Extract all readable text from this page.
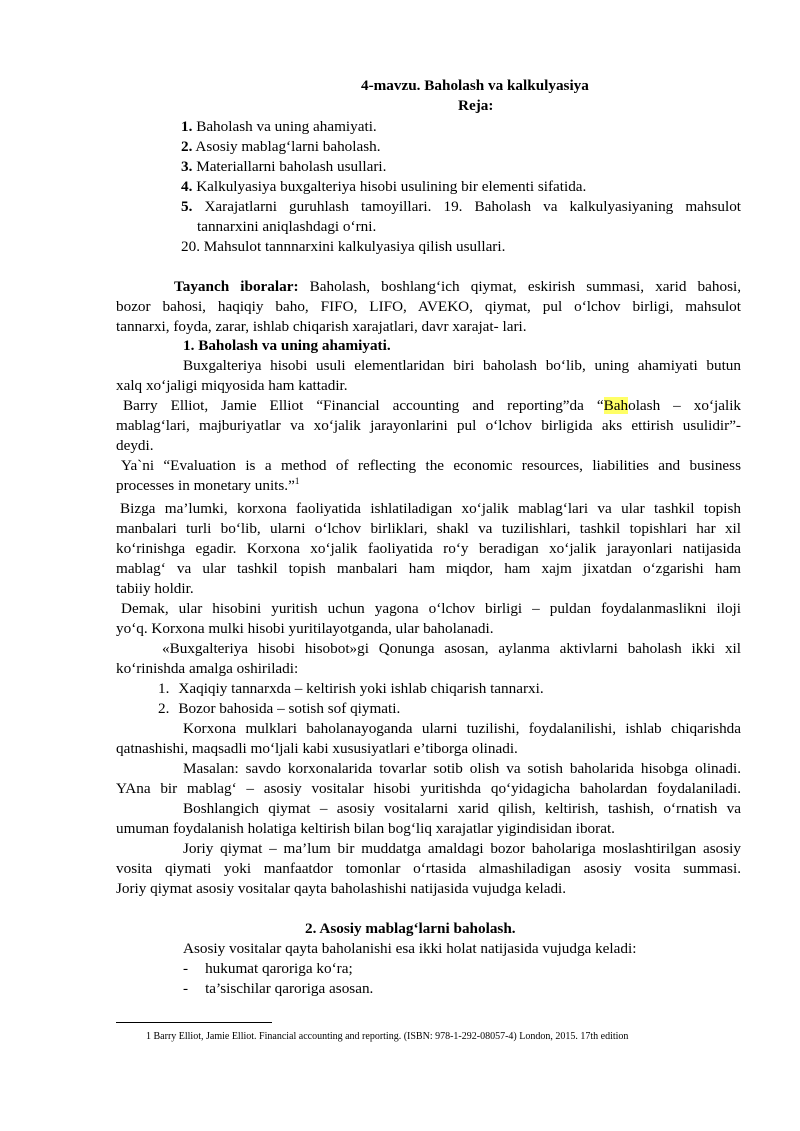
4-mavzu. Baholash va kalkulyasiya
Reja:
1. Baholash va uning ahamiyati.
2. Asosiy mablag‘larni baholash.
3. Materiallarni baholash usullari.
4. Kalkulyasiya buxgalteriya hisobi usulining bir elementi sifatida.
5. Xarajatlarni guruhlash tamoyillari. 19. Baholash va kalkulyasiyaning mahsulot
tannarxini aniqlashdagi o‘rni.
20. Mahsulot tannnarxini kalkulyasiya qilish usullari.
Tayanch iboralar: Baholash, boshlang‘ich qiymat, eskirish summasi, xarid bahosi,
bozor bahosi, haqiqiy baho, FIFO, LIFO, AVEKO, qiymat, pul o‘lchov birligi, mahsulot
tannarxi, foyda, zarar, ishlab chiqarish xarajatlari, davr xarajat- lari.
1. Baholash va uning ahamiyati.
Buxgalteriya hisobi usuli elementlaridan biri baholash bo‘lib, uning ahamiyati butun
xalq xo‘jaligi miqyosida ham kattadir.
Barry Elliot, Jamie Elliot “Financial accounting and reporting”da “Baholash – xo‘jalik
mablag‘lari, majburiyatlar va xo‘jalik jarayonlarini pul o‘lchov birligida aks ettirish usulidir”-
deydi.
Ya`ni “Evaluation is a method of reflecting the economic resources, liabilities and business
processes in monetary units.”$^1$
Bizga ma’lumki, korxona faoliyatida ishlatiladigan xo‘jalik mablag‘lari va ular tashkil topish
manbalari turli bo‘lib, ularni o‘lchov birliklari, shakl va tuzilishlari, tashkil topishlari har xil
ko‘rinishga egadir. Korxona xo‘jalik faoliyatida ro‘y beradigan xo‘jalik jarayonlari natijasida
mablag‘ va ular tashkil topish manbalari ham miqdor, ham xajm jixatdan o‘zgarishi ham
tabiiy holdir.
Demak, ular hisobini yuritish uchun yagona o‘lchov birligi – puldan foydalanmaslikni iloji
yo‘q. Korxona mulki hisobi yuritilayotganda, ular baholanadi.
«Buxgalteriya hisobi hisobot»gi Qonunga asosan, aylanma aktivlarni baholash ikki xil
ko‘rinishda amalga oshiriladi:
1. Xaqiqiy tannarxda – keltirish yoki ishlab chiqarish tannarxi.
2. Bozor bahosida – sotish sof qiymati.
Korxona mulklari baholanayoganda ularni tuzilishi, foydalanilishi, ishlab chiqarishda
qatnashishi, maqsadli mo‘ljali kabi xususiyatlari e’tiborga olinadi.
Masalan: savdo korxonalarida tovarlar sotib olish va sotish baholarida hisobga olinadi.
YAna bir mablag‘ – asosiy vositalar hisobi yuritishda qo‘yidagicha baholardan foydalaniladi.
Boshlangich qiymat – asosiy vositalarni xarid qilish, keltirish, tashish, o‘rnatish va
umuman foydalanish holatiga keltirish bilan bog‘liq xarajatlar yigindisidan iborat.
Joriy qiymat – ma’lum bir muddatga amaldagi bozor baholariga moslashtirilgan asosiy
vosita qiymati yoki manfaatdor tomonlar o‘rtasida almashiladigan asosiy vosita summasi.
Joriy qiymat asosiy vositalar qayta baholashishi natijasida vujudga keladi.
2. Asosiy mablag‘larni baholash.
Asosiy vositalar qayta baholanishi esa ikki holat natijasida vujudga keladi:
- hukumat qaroriga ko‘ra;
- ta’sischilar qaroriga asosan.
1 Barry Elliot, Jamie Elliot. Financial accounting and reporting. (ISBN: 978-1-292-08057-4) London, 2015. 17th edition
